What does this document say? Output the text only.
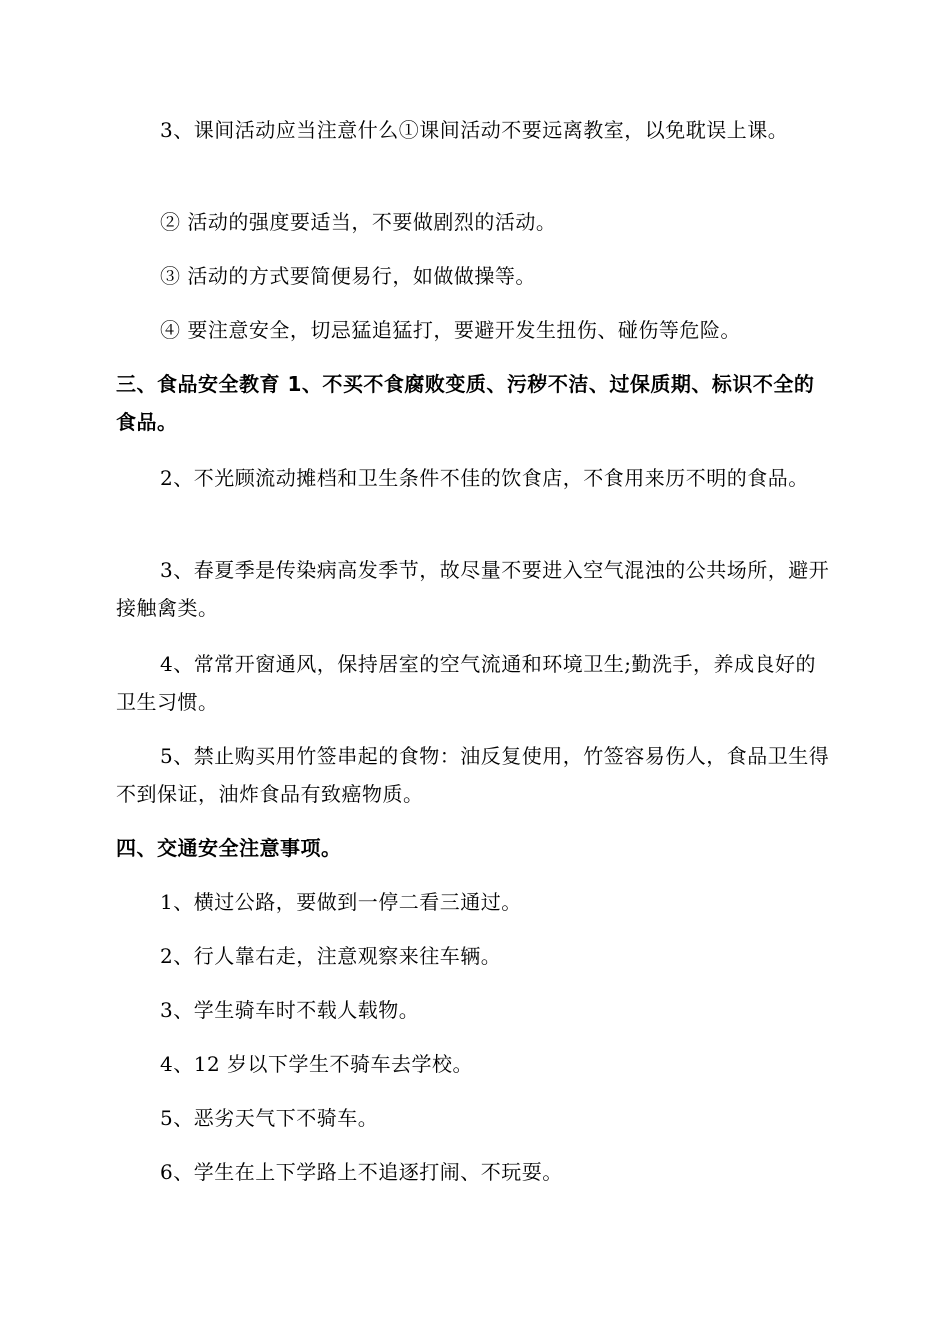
3、课间活动应当注意什么①课间活动不要远离教室，以免耽误上课。

② 活动的强度要适当，不要做剧烈的活动。

③ 活动的方式要简便易行，如做做操等。

④ 要注意安全，切忌猛追猛打，要避开发生扭伤、碰伤等危险。

三、食品安全教育 1、不买不食腐败变质、污秽不洁、过保质期、标识不全的食品。

2、不光顾流动摊档和卫生条件不佳的饮食店，不食用来历不明的食品。

3、春夏季是传染病高发季节，故尽量不要进入空气混浊的公共场所，避开接触禽类。

4、常常开窗通风，保持居室的空气流通和环境卫生;勤洗手，养成良好的卫生习惯。

5、禁止购买用竹签串起的食物：油反复使用，竹签容易伤人，食品卫生得不到保证，油炸食品有致癌物质。

四、交通安全注意事项。

1、横过公路，要做到一停二看三通过。

2、行人靠右走，注意观察来往车辆。

3、学生骑车时不载人载物。

4、12 岁以下学生不骑车去学校。

5、恶劣天气下不骑车。

6、学生在上下学路上不追逐打闹、不玩耍。
